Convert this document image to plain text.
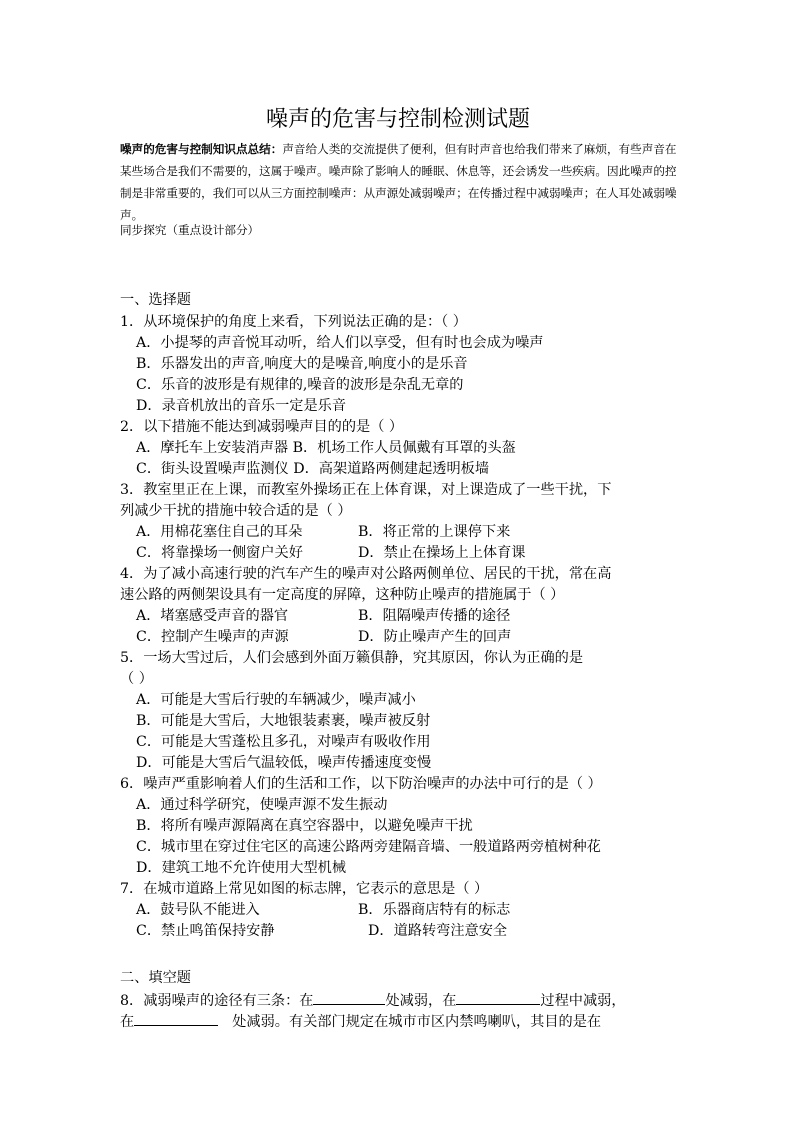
噪声的危害与控制检测试题
噪声的危害与控制知识点总结：声音给人类的交流提供了便利，但有时声音也给我们带来了麻烦，有些声音在某些场合是我们不需要的，这属于噪声。噪声除了影响人的睡眠、休息等，还会诱发一些疾病。因此噪声的控制是非常重要的，我们可以从三方面控制噪声：从声源处减弱噪声；在传播过程中减弱噪声；在人耳处减弱噪声。
同步探究（重点设计部分）
一、选择题
1．从环境保护的角度上来看，下列说法正确的是：（ ）
A．小提琴的声音悦耳动听，给人们以享受，但有时也会成为噪声
B．乐器发出的声音,响度大的是噪音,响度小的是乐音
C．乐音的波形是有规律的,噪音的波形是杂乱无章的
D．录音机放出的音乐一定是乐音
2．以下措施不能达到减弱噪声目的的是（ ）
A．摩托车上安装消声器 B．机场工作人员佩戴有耳罩的头盔
C．街头设置噪声监测仪 D．高架道路两侧建起透明板墙
3．教室里正在上课，而教室外操场正在上体育课，对上课造成了一些干扰，下
列减少干扰的措施中较合适的是（ ）
A．用棉花塞住自己的耳朵	B．将正常的上课停下来
C．将靠操场一侧窗户关好	D．禁止在操场上上体育课
4．为了减小高速行驶的汽车产生的噪声对公路两侧单位、居民的干扰，常在高
速公路的两侧架设具有一定高度的屏障，这种防止噪声的措施属于（ ）
A．堵塞感受声音的器官	B．阻隔噪声传播的途径
C．控制产生噪声的声源	D．防止噪声产生的回声
5．一场大雪过后，人们会感到外面万籁俱静，究其原因，你认为正确的是
（ ）
A．可能是大雪后行驶的车辆减少，噪声减小
B．可能是大雪后，大地银装素裹，噪声被反射
C．可能是大雪蓬松且多孔，对噪声有吸收作用
D．可能是大雪后气温较低，噪声传播速度变慢
6．噪声严重影响着人们的生活和工作，以下防治噪声的办法中可行的是（ ）
A．通过科学研究，使噪声源不发生振动
B．将所有噪声源隔离在真空容器中，以避免噪声干扰
C．城市里在穿过住宅区的高速公路两旁建隔音墙、一般道路两旁植树种花
D．建筑工地不允许使用大型机械
7．在城市道路上常见如图的标志牌，它表示的意思是（ ）
A．鼓号队不能进入	B．乐器商店特有的标志
C．禁止鸣笛保持安静	D．道路转弯注意安全
二、填空题
8．减弱噪声的途径有三条：在	处减弱，在	过程中减弱，
在	处减弱。有关部门规定在城市市区内禁鸣喇叭，其目的是在
